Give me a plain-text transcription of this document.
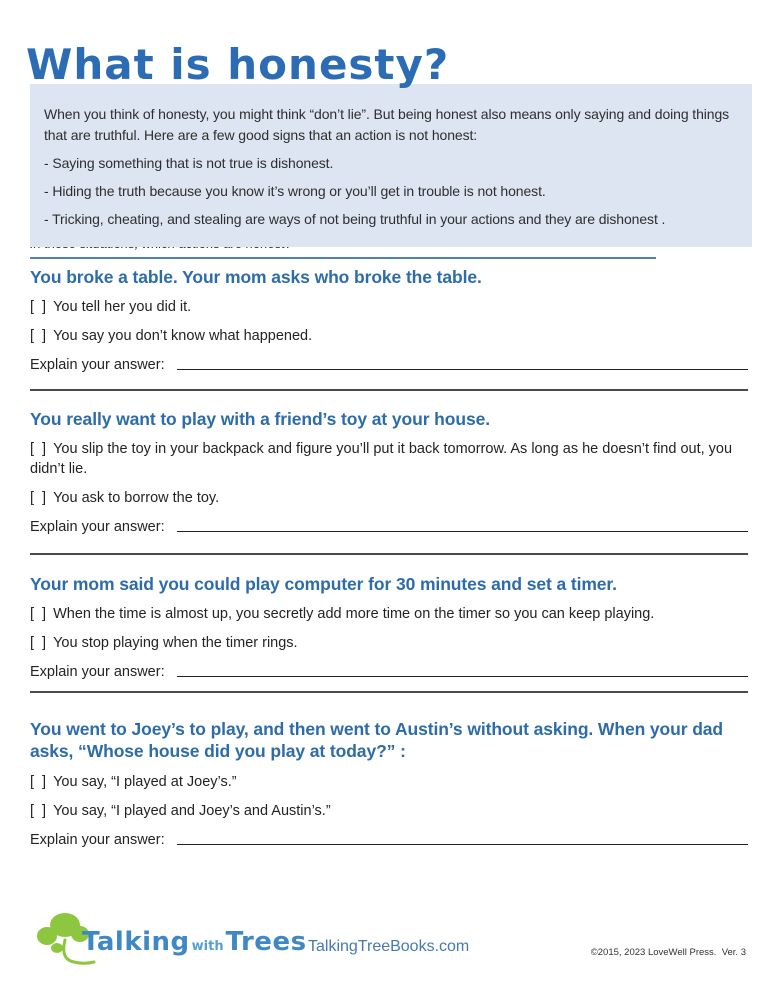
What is honesty?

When you think of honesty, you might think “don’t lie”. But being honest also means only saying and doing things that are truthful. Here are a few good signs that an action is not honest:

- Saying something that is not true is dishonest.

- Hiding the truth because you know it’s wrong or you’ll get in trouble is not honest.

- Tricking, cheating, and stealing are ways of not being truthful in your actions and they are dishonest .

You broke a table. Your mom asks who broke the table.
[ ] You tell her you did it.
[ ] You say you don’t know what happened.
Explain your answer:
You really want to play with a friend’s toy at your house.
[ ] You slip the toy in your backpack and figure you’ll put it back tomorrow. As long as he doesn’t find out, you didn’t lie.
[ ] You ask to borrow the toy.
Explain your answer:
Your mom said you could play computer for 30 minutes and set a timer.
[ ] When the time is almost up, you secretly add more time on the timer so you can keep playing.
[ ] You stop playing when the timer rings.
Explain your answer:
You went to Joey’s to play, and then went to Austin’s without asking. When your dad asks, “Whose house did you play at today?” :
[ ] You say, “I played at Joey’s.”
[ ] You say, “I played and Joey’s and Austin’s.”
Explain your answer:
Talking with Trees TalkingTreeBooks.com	©2015, 2023 LoveWell Press.  Ver. 3
